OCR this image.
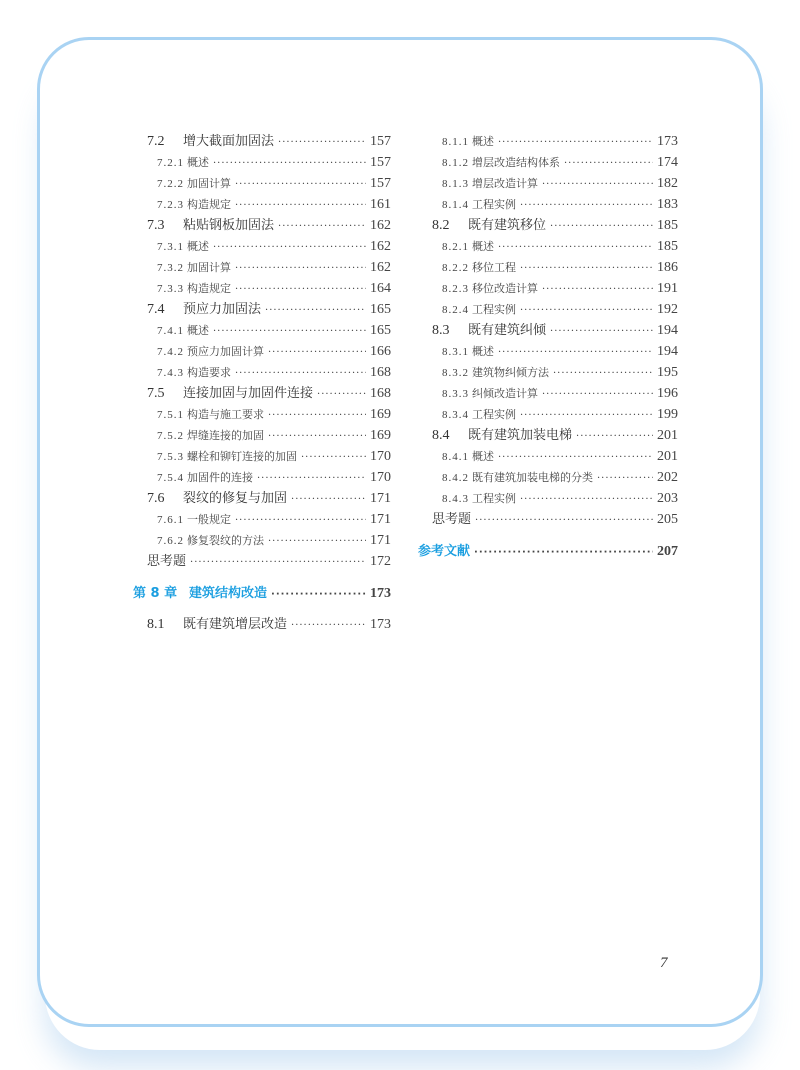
7.2	增大截面加固法 ·····	157
7.2.1 概述 ·····	157
7.2.2 加固计算 ·····	157
7.2.3 构造规定 ·····	161
7.3	粘贴钢板加固法 ·····	162
7.3.1 概述 ·····	162
7.3.2 加固计算 ·····	162
7.3.3 构造规定 ·····	164
7.4	预应力加固法 ·····	165
7.4.1 概述 ·····	165
7.4.2 预应力加固计算 ·····	166
7.4.3 构造要求 ·····	168
7.5	连接加固与加固件连接 ·····	168
7.5.1 构造与施工要求 ·····	169
7.5.2 焊缝连接的加固 ·····	169
7.5.3 螺栓和铆钉连接的加固 ·····	170
7.5.4 加固件的连接 ·····	170
7.6	裂纹的修复与加固 ·····	171
7.6.1 一般规定 ·····	171
7.6.2 修复裂纹的方法 ·····	171
思考题 ·····	172
第 8 章 建筑结构改造 ·····	173
8.1	既有建筑增层改造 ·····	173
8.1.1 概述 ·····	173
8.1.2 增层改造结构体系 ·····	174
8.1.3 增层改造计算 ·····	182
8.1.4 工程实例 ·····	183
8.2	既有建筑移位 ·····	185
8.2.1 概述 ·····	185
8.2.2 移位工程 ·····	186
8.2.3 移位改造计算 ·····	191
8.2.4 工程实例 ·····	192
8.3	既有建筑纠倾 ·····	194
8.3.1 概述 ·····	194
8.3.2 建筑物纠倾方法 ·····	195
8.3.3 纠倾改造计算 ·····	196
8.3.4 工程实例 ·····	199
8.4	既有建筑加装电梯 ·····	201
8.4.1 概述 ·····	201
8.4.2 既有建筑加装电梯的分类 ·····	202
8.4.3 工程实例 ·····	203
思考题 ·····	205
参考文献 ·····	207
7
